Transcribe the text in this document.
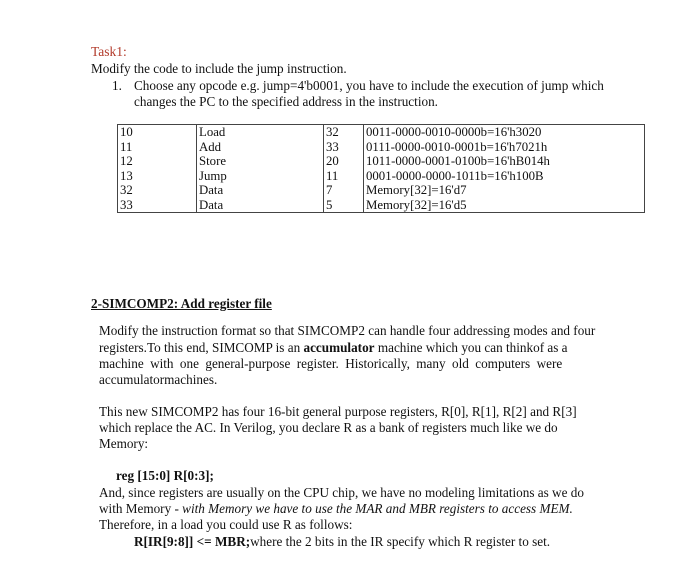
Task1:
Modify the code to include the jump instruction.
1. Choose any opcode e.g. jump=4'b0001, you have to include the execution of jump which
changes the PC to the specified address in the instruction.
10	Load	32	0011-0000-0010-0000b=16'h3020
11	Add	33	0111-0000-0010-0001b=16'h7021h
12	Store	20	1011-0000-0001-0100b=16'hB014h
13	Jump	11	0001-0000-0000-1011b=16'h100B
32	Data	7	Memory[32]=16'd7
33	Data	5	Memory[32]=16'd5
2-SIMCOMP2: Add register file
Modify the instruction format so that SIMCOMP2 can handle four addressing modes and four
registers.To this end, SIMCOMP is an accumulator machine which you can thinkof as a
machine with one general-purpose register. Historically, many old computers were
accumulatormachines.
This new SIMCOMP2 has four 16-bit general purpose registers, R[0], R[1], R[2] and R[3]
which replace the AC. In Verilog, you declare R as a bank of registers much like we do
Memory:
reg [15:0] R[0:3];
And, since registers are usually on the CPU chip, we have no modeling limitations as we do
with Memory - with Memory we have to use the MAR and MBR registers to access MEM.
Therefore, in a load you could use R as follows:
R[IR[9:8]] <= MBR;where the 2 bits in the IR specify which R register to set.
